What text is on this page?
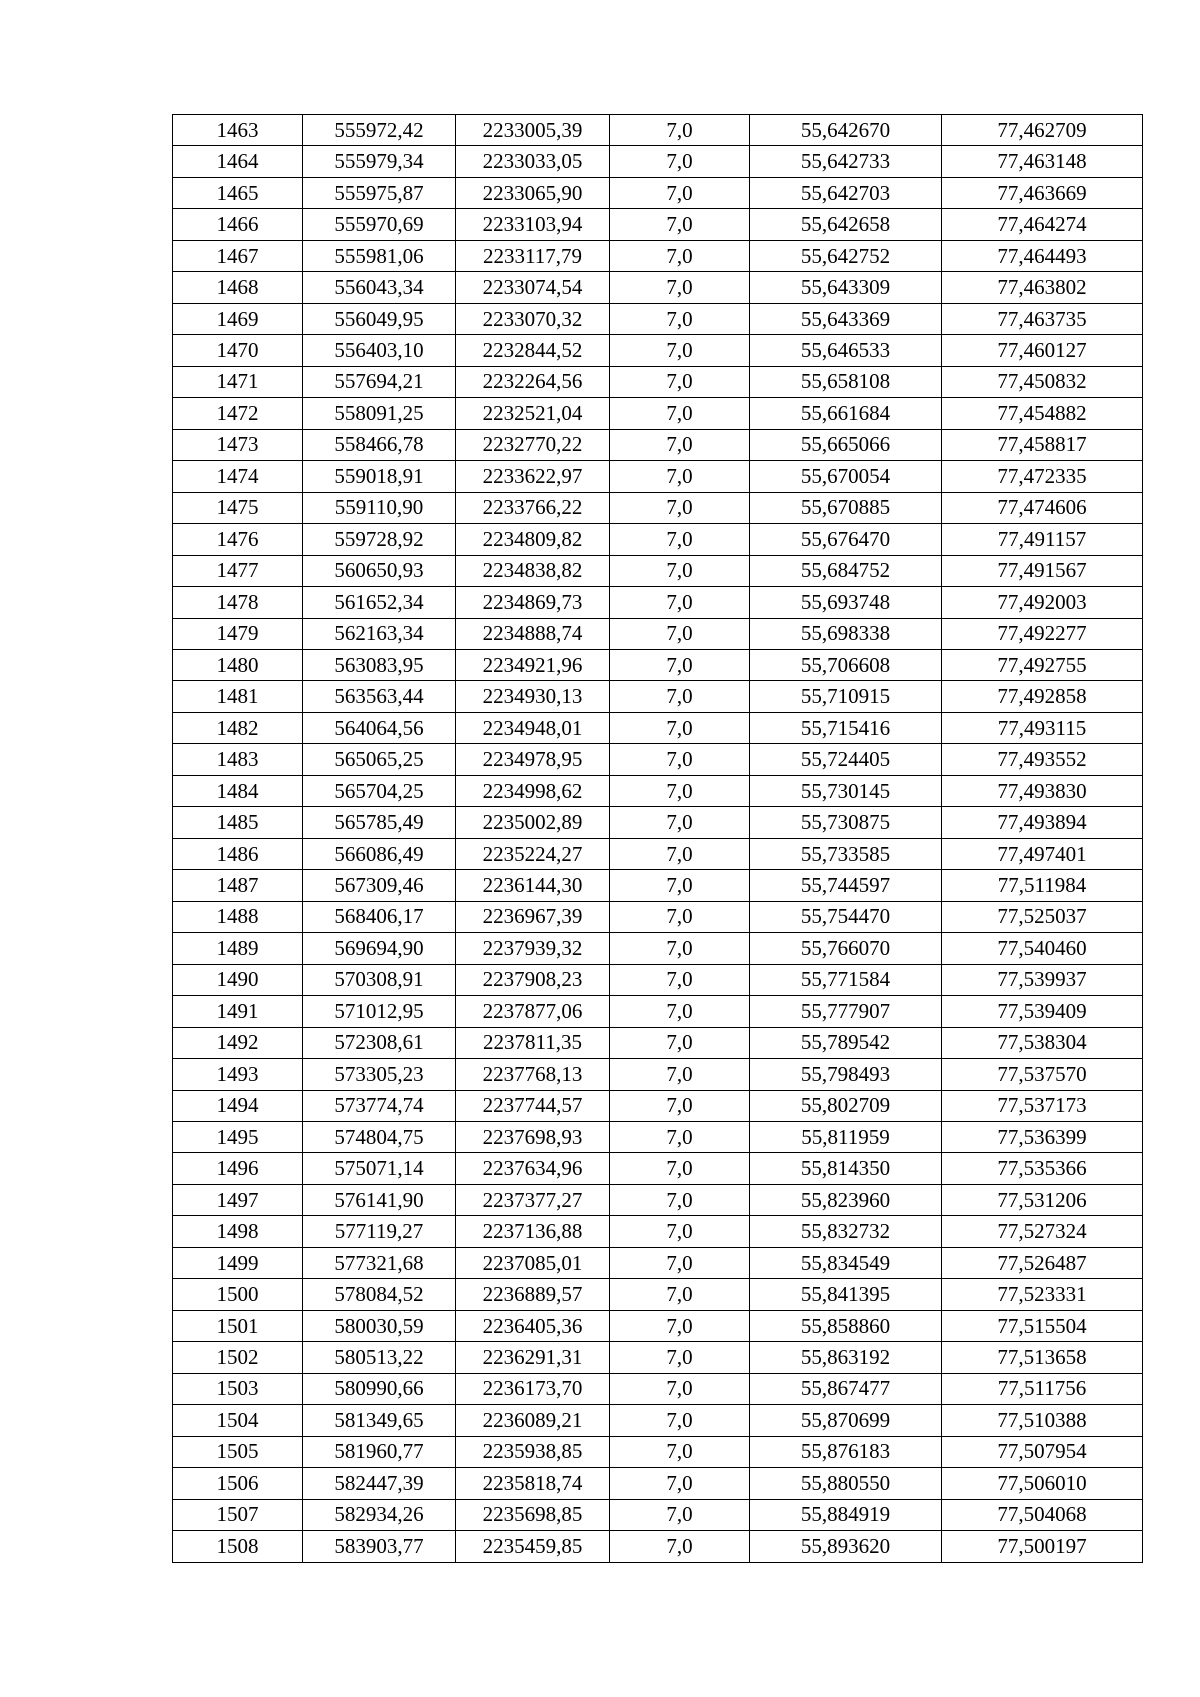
1463	555972,42	2233005,39	7,0	55,642670	77,462709
1464	555979,34	2233033,05	7,0	55,642733	77,463148
1465	555975,87	2233065,90	7,0	55,642703	77,463669
1466	555970,69	2233103,94	7,0	55,642658	77,464274
1467	555981,06	2233117,79	7,0	55,642752	77,464493
1468	556043,34	2233074,54	7,0	55,643309	77,463802
1469	556049,95	2233070,32	7,0	55,643369	77,463735
1470	556403,10	2232844,52	7,0	55,646533	77,460127
1471	557694,21	2232264,56	7,0	55,658108	77,450832
1472	558091,25	2232521,04	7,0	55,661684	77,454882
1473	558466,78	2232770,22	7,0	55,665066	77,458817
1474	559018,91	2233622,97	7,0	55,670054	77,472335
1475	559110,90	2233766,22	7,0	55,670885	77,474606
1476	559728,92	2234809,82	7,0	55,676470	77,491157
1477	560650,93	2234838,82	7,0	55,684752	77,491567
1478	561652,34	2234869,73	7,0	55,693748	77,492003
1479	562163,34	2234888,74	7,0	55,698338	77,492277
1480	563083,95	2234921,96	7,0	55,706608	77,492755
1481	563563,44	2234930,13	7,0	55,710915	77,492858
1482	564064,56	2234948,01	7,0	55,715416	77,493115
1483	565065,25	2234978,95	7,0	55,724405	77,493552
1484	565704,25	2234998,62	7,0	55,730145	77,493830
1485	565785,49	2235002,89	7,0	55,730875	77,493894
1486	566086,49	2235224,27	7,0	55,733585	77,497401
1487	567309,46	2236144,30	7,0	55,744597	77,511984
1488	568406,17	2236967,39	7,0	55,754470	77,525037
1489	569694,90	2237939,32	7,0	55,766070	77,540460
1490	570308,91	2237908,23	7,0	55,771584	77,539937
1491	571012,95	2237877,06	7,0	55,777907	77,539409
1492	572308,61	2237811,35	7,0	55,789542	77,538304
1493	573305,23	2237768,13	7,0	55,798493	77,537570
1494	573774,74	2237744,57	7,0	55,802709	77,537173
1495	574804,75	2237698,93	7,0	55,811959	77,536399
1496	575071,14	2237634,96	7,0	55,814350	77,535366
1497	576141,90	2237377,27	7,0	55,823960	77,531206
1498	577119,27	2237136,88	7,0	55,832732	77,527324
1499	577321,68	2237085,01	7,0	55,834549	77,526487
1500	578084,52	2236889,57	7,0	55,841395	77,523331
1501	580030,59	2236405,36	7,0	55,858860	77,515504
1502	580513,22	2236291,31	7,0	55,863192	77,513658
1503	580990,66	2236173,70	7,0	55,867477	77,511756
1504	581349,65	2236089,21	7,0	55,870699	77,510388
1505	581960,77	2235938,85	7,0	55,876183	77,507954
1506	582447,39	2235818,74	7,0	55,880550	77,506010
1507	582934,26	2235698,85	7,0	55,884919	77,504068
1508	583903,77	2235459,85	7,0	55,893620	77,500197
